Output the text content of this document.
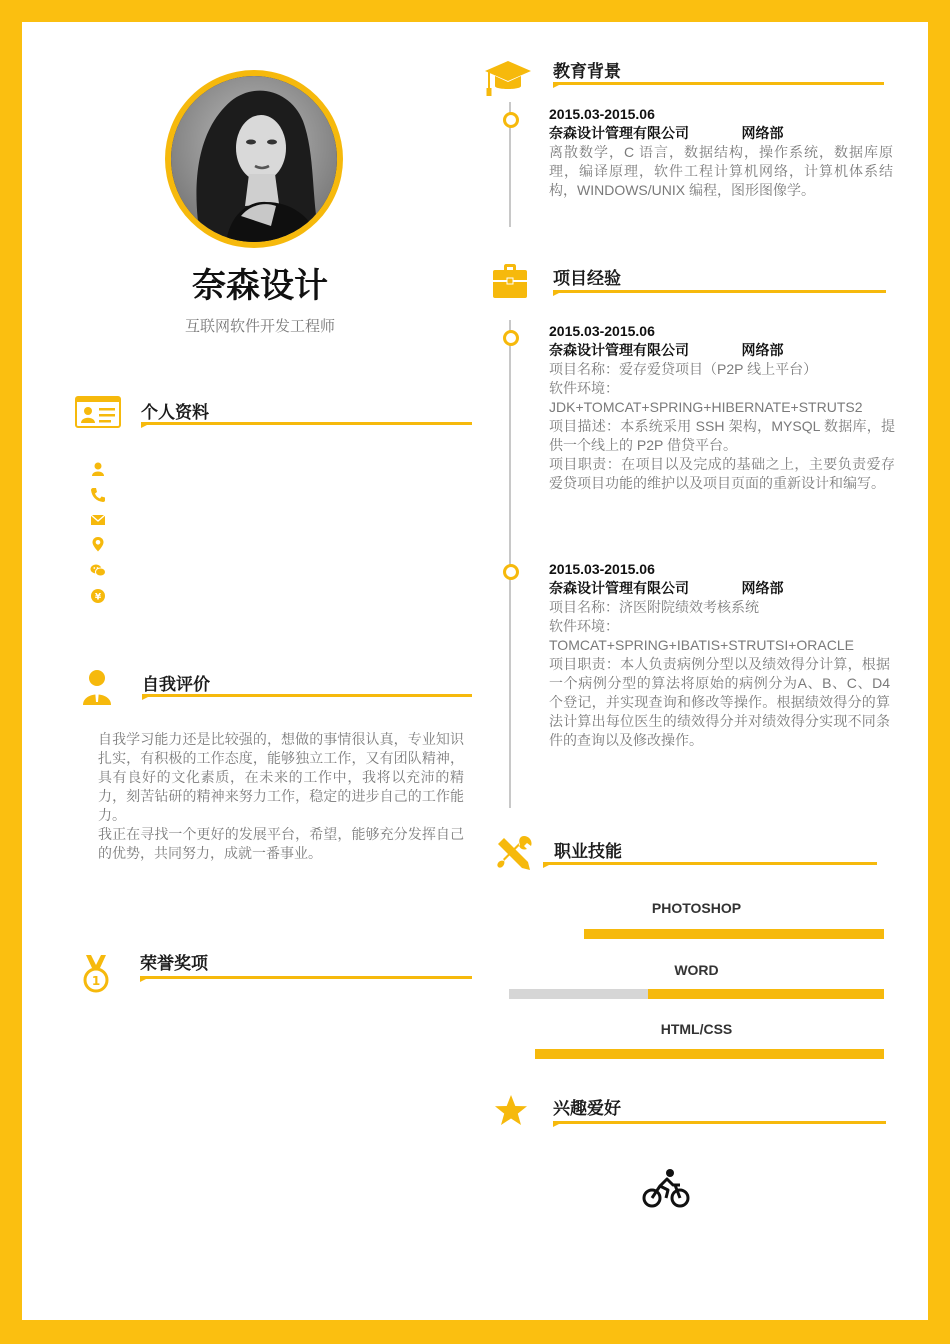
奈森设计
互联网软件开发工程师
个人资料
¥
自我评价
自我学习能力还是比较强的，想做的事情很认真，专业知识扎实，有积极的工作态度，能够独立工作，又有团队精神，具有良好的文化素质，在未来的工作中，我将以充沛的精力，刻苦钻研的精神来努力工作，稳定的进步自己的工作能力。
我正在寻找一个更好的发展平台，希望，能够充分发挥自己的优势，共同努力，成就一番事业。
1
荣誉奖项
教育背景
2015.03-2015.06
奈森设计管理有限公司	网络部
离散数学，C 语言，数据结构，操作系统，数据库原理，编译原理，软件工程计算机网络，计算机体系结构，WINDOWS/UNIX 编程，图形图像学。
项目经验
2015.03-2015.06
奈森设计管理有限公司	网络部
项目名称：爱存爱贷项目（P2P 线上平台）
软件环境：
JDK+TOMCAT+SPRING+HIBERNATE+STRUTS2
项目描述：本系统采用 SSH 架构，MYSQL 数据库，提供一个线上的 P2P 借贷平台。
项目职责：在项目以及完成的基础之上，主要负责爱存爱贷项目功能的维护以及项目页面的重新设计和编写。
2015.03-2015.06
奈森设计管理有限公司	网络部
项目名称：济医附院绩效考核系统
软件环境：
TOMCAT+SPRING+IBATIS+STRUTSI+ORACLE
项目职责：本人负责病例分型以及绩效得分计算，根据一个病例分型的算法将原始的病例分为A、B、C、D4 个登记，并实现查询和修改等操作。根据绩效得分的算法计算出每位医生的绩效得分并对绩效得分实现不同条件的查询以及修改操作。
职业技能
兴趣爱好
PHOTOSHOP
WORD
HTML/CSS
